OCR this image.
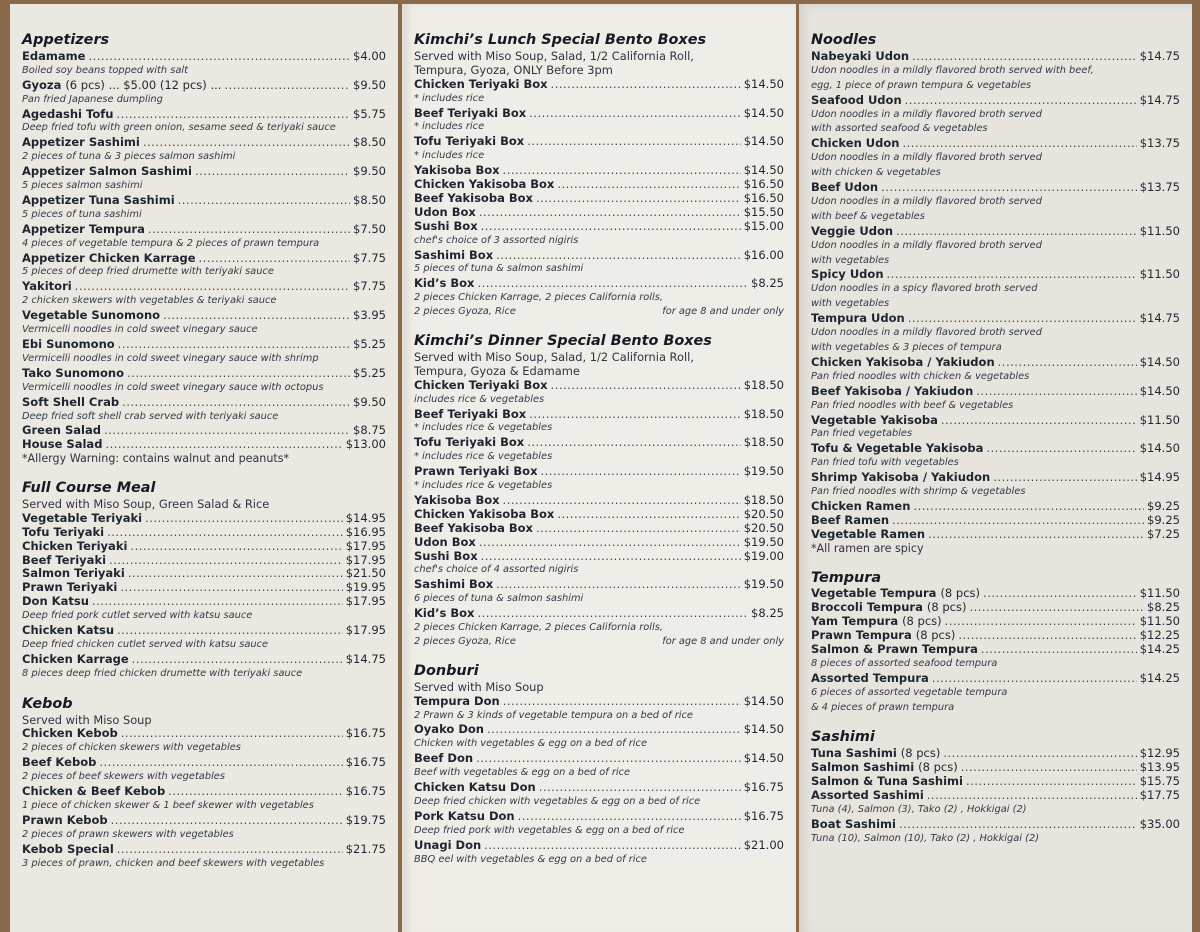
Appetizers
Edamame .....	$4.00
Boiled soy beans topped with salt
Gyoza (6 pcs) ... $5.00 (12 pcs) ... .....	$9.50
Pan fried Japanese dumpling
Agedashi Tofu .....	$5.75
Deep fried tofu with green onion, sesame seed & teriyaki sauce
Appetizer Sashimi .....	$8.50
2 pieces of tuna & 3 pieces salmon sashimi
Appetizer Salmon Sashimi .....	$9.50
5 pieces salmon sashimi
Appetizer Tuna Sashimi .....	$8.50
5 pieces of tuna sashimi
Appetizer Tempura .....	$7.50
4 pieces of vegetable tempura & 2 pieces of prawn tempura
Appetizer Chicken Karrage .....	$7.75
5 pieces of deep fried drumette with teriyaki sauce
Yakitori .....	$7.75
2 chicken skewers with vegetables & teriyaki sauce
Vegetable Sunomono .....	$3.95
Vermicelli noodles in cold sweet vinegary sauce
Ebi Sunomono .....	$5.25
Vermicelli noodles in cold sweet vinegary sauce with shrimp
Tako Sunomono .....	$5.25
Vermicelli noodles in cold sweet vinegary sauce with octopus
Soft Shell Crab .....	$9.50
Deep fried soft shell crab served with teriyaki sauce
Green Salad .....	$8.75
House Salad .....	$13.00
*Allergy Warning: contains walnut and peanuts*
Full Course Meal
Served with Miso Soup, Green Salad & Rice
Vegetable Teriyaki .....	$14.95
Tofu Teriyaki .....	$16.95
Chicken Teriyaki .....	$17.95
Beef Teriyaki .....	$17.95
Salmon Teriyaki .....	$21.50
Prawn Teriyaki .....	$19.95
Don Katsu .....	$17.95
Deep fried pork cutlet served with katsu sauce
Chicken Katsu .....	$17.95
Deep fried chicken cutlet served with katsu sauce
Chicken Karrage .....	$14.75
8 pieces deep fried chicken drumette with teriyaki sauce
Kebob
Served with Miso Soup
Chicken Kebob .....	$16.75
2 pieces of chicken skewers with vegetables
Beef Kebob .....	$16.75
2 pieces of beef skewers with vegetables
Chicken & Beef Kebob .....	$16.75
1 piece of chicken skewer & 1 beef skewer with vegetables
Prawn Kebob .....	$19.75
2 pieces of prawn skewers with vegetables
Kebob Special .....	$21.75
3 pieces of prawn, chicken and beef skewers with vegetables
Kimchi’s Lunch Special Bento Boxes
Served with Miso Soup, Salad, 1/2 California Roll,
Tempura, Gyoza, ONLY Before 3pm
Chicken Teriyaki Box .....	$14.50
* includes rice
Beef Teriyaki Box .....	$14.50
* includes rice
Tofu Teriyaki Box .....	$14.50
* includes rice
Yakisoba Box .....	$14.50
Chicken Yakisoba Box .....	$16.50
Beef Yakisoba Box .....	$16.50
Udon Box .....	$15.50
Sushi Box .....	$15.00
chef's choice of 3 assorted nigiris
Sashimi Box .....	$16.00
5 pieces of tuna & salmon sashimi
Kid’s Box .....	$8.25
2 pieces Chicken Karrage, 2 pieces California rolls,
2 pieces Gyoza, Rice	for age 8 and under only
Kimchi’s Dinner Special Bento Boxes
Served with Miso Soup, Salad, 1/2 California Roll,
Tempura, Gyoza & Edamame
Chicken Teriyaki Box .....	$18.50
includes rice & vegetables
Beef Teriyaki Box .....	$18.50
* includes rice & vegetables
Tofu Teriyaki Box .....	$18.50
* includes rice & vegetables
Prawn Teriyaki Box .....	$19.50
* includes rice & vegetables
Yakisoba Box .....	$18.50
Chicken Yakisoba Box .....	$20.50
Beef Yakisoba Box .....	$20.50
Udon Box .....	$19.50
Sushi Box .....	$19.00
chef's choice of 4 assorted nigiris
Sashimi Box .....	$19.50
6 pieces of tuna & salmon sashimi
Kid’s Box .....	$8.25
2 pieces Chicken Karrage, 2 pieces California rolls,
2 pieces Gyoza, Rice	for age 8 and under only
Donburi
Served with Miso Soup
Tempura Don .....	$14.50
2 Prawn & 3 kinds of vegetable tempura on a bed of rice
Oyako Don .....	$14.50
Chicken with vegetables & egg on a bed of rice
Beef Don .....	$14.50
Beef with vegetables & egg on a bed of rice
Chicken Katsu Don .....	$16.75
Deep fried chicken with vegetables & egg on a bed of rice
Pork Katsu Don .....	$16.75
Deep fried pork with vegetables & egg on a bed of rice
Unagi Don .....	$21.00
BBQ eel with vegetables & egg on a bed of rice
Noodles
Nabeyaki Udon .....	$14.75
Udon noodles in a mildly flavored broth served with beef,
egg, 1 piece of prawn tempura & vegetables
Seafood Udon .....	$14.75
Udon noodles in a mildly flavored broth served
with assorted seafood & vegetables
Chicken Udon .....	$13.75
Udon noodles in a mildly flavored broth served
with chicken & vegetables
Beef Udon .....	$13.75
Udon noodles in a mildly flavored broth served
with beef & vegetables
Veggie Udon .....	$11.50
Udon noodles in a mildly flavored broth served
with vegetables
Spicy Udon .....	$11.50
Udon noodles in a spicy flavored broth served
with vegetables
Tempura Udon .....	$14.75
Udon noodles in a mildly flavored broth served
with vegetables & 3 pieces of tempura
Chicken Yakisoba / Yakiudon .....	$14.50
Pan fried noodles with chicken & vegetables
Beef Yakisoba / Yakiudon .....	$14.50
Pan fried noodles with beef & vegetables
Vegetable Yakisoba .....	$11.50
Pan fried vegetables
Tofu & Vegetable Yakisoba .....	$14.50
Pan fried tofu with vegetables
Shrimp Yakisoba / Yakiudon .....	$14.95
Pan fried noodles with shrimp & vegetables
Chicken Ramen .....	$9.25
Beef Ramen .....	$9.25
Vegetable Ramen .....	$7.25
*All ramen are spicy
Tempura
Vegetable Tempura (8 pcs) .....	$11.50
Broccoli Tempura (8 pcs) .....	$8.25
Yam Tempura (8 pcs) .....	$11.50
Prawn Tempura (8 pcs) .....	$12.25
Salmon & Prawn Tempura .....	$14.25
8 pieces of assorted seafood tempura
Assorted Tempura .....	$14.25
6 pieces of assorted vegetable tempura
& 4 pieces of prawn tempura
Sashimi
Tuna Sashimi (8 pcs) .....	$12.95
Salmon Sashimi (8 pcs) .....	$13.95
Salmon & Tuna Sashimi .....	$15.75
Assorted Sashimi .....	$17.75
Tuna (4), Salmon (3), Tako (2) , Hokkigai (2)
Boat Sashimi .....	$35.00
Tuna (10), Salmon (10), Tako (2) , Hokkigai (2)
